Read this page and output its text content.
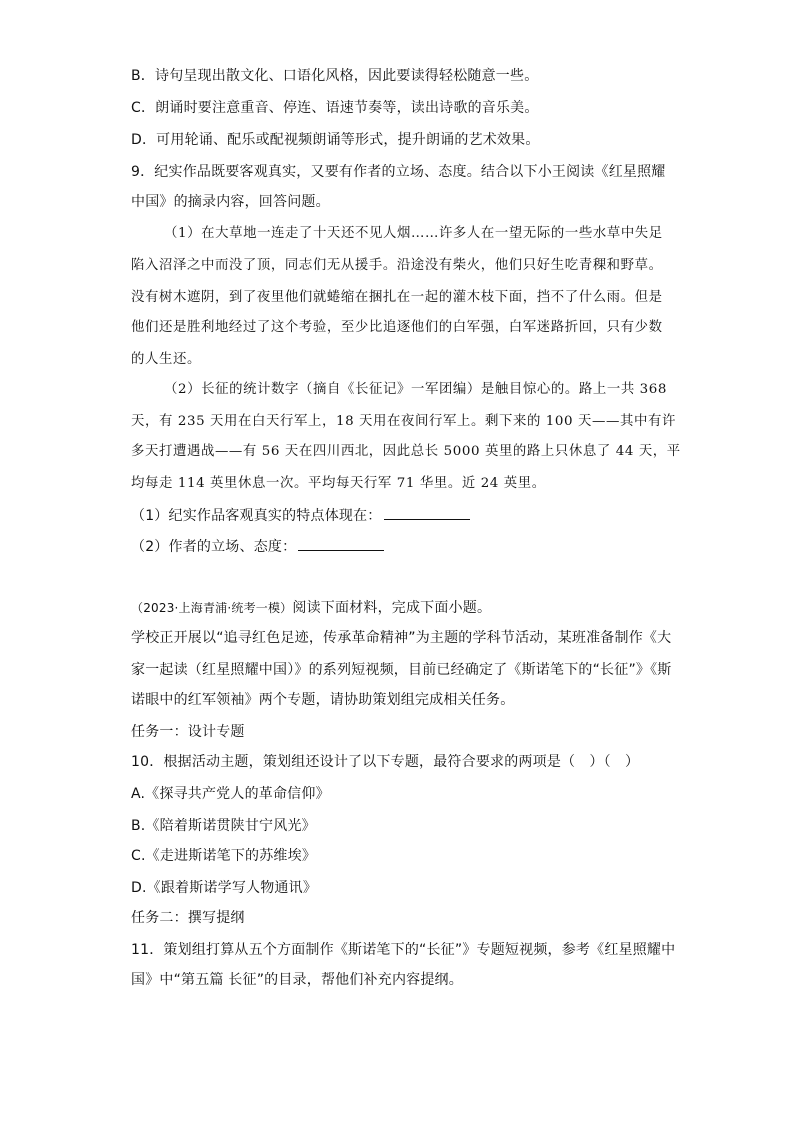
B．诗句呈现出散文化、口语化风格，因此要读得轻松随意一些。
C．朗诵时要注意重音、停连、语速节奏等，读出诗歌的音乐美。
D．可用轮诵、配乐或配视频朗诵等形式，提升朗诵的艺术效果。
9．纪实作品既要客观真实，又要有作者的立场、态度。结合以下小王阅读《红星照耀
中国》的摘录内容，回答问题。
（1）在大草地一连走了十天还不见人烟……许多人在一望无际的一些水草中失足
陷入沼泽之中而没了顶，同志们无从援手。沿途没有柴火，他们只好生吃青稞和野草。
没有树木遮阴，到了夜里他们就蜷缩在捆扎在一起的灌木枝下面，挡不了什么雨。但是
他们还是胜利地经过了这个考验，至少比追逐他们的白军强，白军迷路折回，只有少数
的人生还。
（2）长征的统计数字（摘自《长征记》一军团编）是触目惊心的。路上一共 368
天，有 235 天用在白天行军上，18 天用在夜间行军上。剩下来的 100 天——其中有许
多天打遭遇战——有 56 天在四川西北，因此总长 5000 英里的路上只休息了 44 天，平
均每走 114 英里休息一次。平均每天行军 71 华里。近 24 英里。
（1）纪实作品客观真实的特点体现在：
（2）作者的立场、态度：
（2023·上海青浦·统考一模）阅读下面材料，完成下面小题。
学校正开展以“追寻红色足迹，传承革命精神”为主题的学科节活动，某班准备制作《大
家一起读（红星照耀中国）》的系列短视频，目前已经确定了《斯诺笔下的“长征”》《斯
诺眼中的红军领袖》两个专题，请协助策划组完成相关任务。
任务一：设计专题
10．根据活动主题，策划组还设计了以下专题，最符合要求的两项是（　）（　）
A.《探寻共产党人的革命信仰》
B.《陪着斯诺贯陕甘宁风光》
C.《走进斯诺笔下的苏维埃》
D.《跟着斯诺学写人物通讯》
任务二：撰写提纲
11．策划组打算从五个方面制作《斯诺笔下的“长征”》专题短视频，参考《红星照耀中
国》中“第五篇 长征”的目录，帮他们补充内容提纲。
